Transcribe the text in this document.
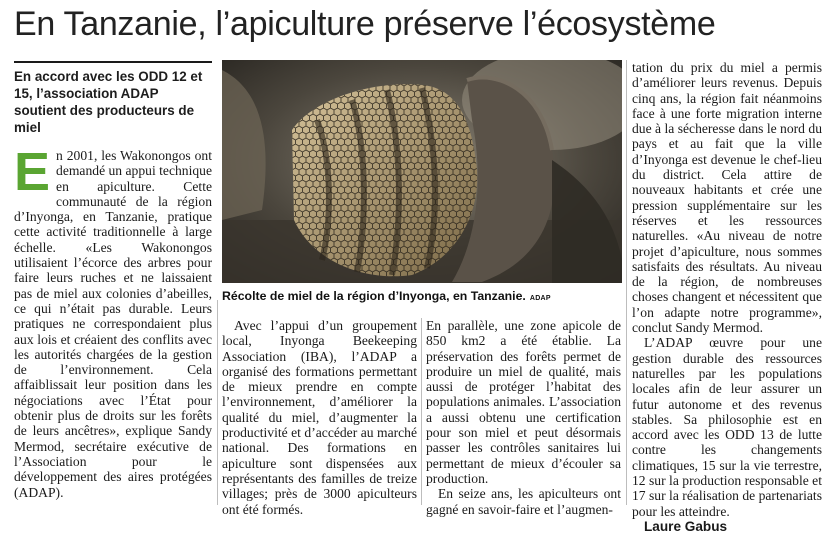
En Tanzanie, l’apiculture préserve l’écosystème

En accord avec les ODD 12 et 15, l’association ADAP soutient des producteurs de miel

E n 2001, les Wakonongos ont demandé un appui technique en apiculture. Cette communauté de la région d’Inyonga, en Tanzanie, pratique cette activité traditionnelle à large échelle. «Les Wakonongos utilisaient l’écorce des arbres pour faire leurs ruches et ne laissaient pas de miel aux colonies d’abeilles, ce qui n’était pas durable. Leurs pratiques ne correspondaient plus aux lois et créaient des conflits avec les autorités chargées de la gestion de l’environnement. Cela affaiblissait leur position dans les négociations avec l’État pour obtenir plus de droits sur les forêts de leurs ancêtres», explique Sandy Mermod, secrétaire exécutive de l’Association pour le développement des aires protégées (ADAP).

Récolte de miel de la région d’Inyonga, en Tanzanie. ADAP

Avec l’appui d’un groupement local, Inyonga Beekeeping Association (IBA), l’ADAP a organisé des formations permettant de mieux prendre en compte l’environnement, d’améliorer la qualité du miel, d’augmenter la productivité et d’accéder au marché national. Des formations en apiculture sont dispensées aux représentants des familles de treize villages; près de 3000 apiculteurs ont été formés.

En parallèle, une zone apicole de 850 km2 a été établie. La préservation des forêts permet de produire un miel de qualité, mais aussi de protéger l’habitat des populations animales. L’association a aussi obtenu une certification pour son miel et peut désormais passer les contrôles sanitaires lui permettant de mieux d’écouler sa production.

En seize ans, les apiculteurs ont gagné en savoir-faire et l’augmen-

tation du prix du miel a permis d’améliorer leurs revenus. Depuis cinq ans, la région fait néanmoins face à une forte migration interne due à la sécheresse dans le nord du pays et au fait que la ville d’Inyonga est devenue le chef-lieu du district. Cela attire de nouveaux habitants et crée une pression supplémentaire sur les réserves et les ressources naturelles. «Au niveau de notre projet d’apiculture, nous sommes satisfaits des résultats. Au niveau de la région, de nombreuses choses changent et nécessitent que l’on adapte notre programme», conclut Sandy Mermod.

L’ADAP œuvre pour une gestion durable des ressources naturelles par les populations locales afin de leur assurer un futur autonome et des revenus stables. Sa philosophie est en accord avec les ODD 13 de lutte contre les changements climatiques, 15 sur la vie terrestre, 12 sur la production responsable et 17 sur la réalisation de partenariats pour les atteindre.

Laure Gabus
